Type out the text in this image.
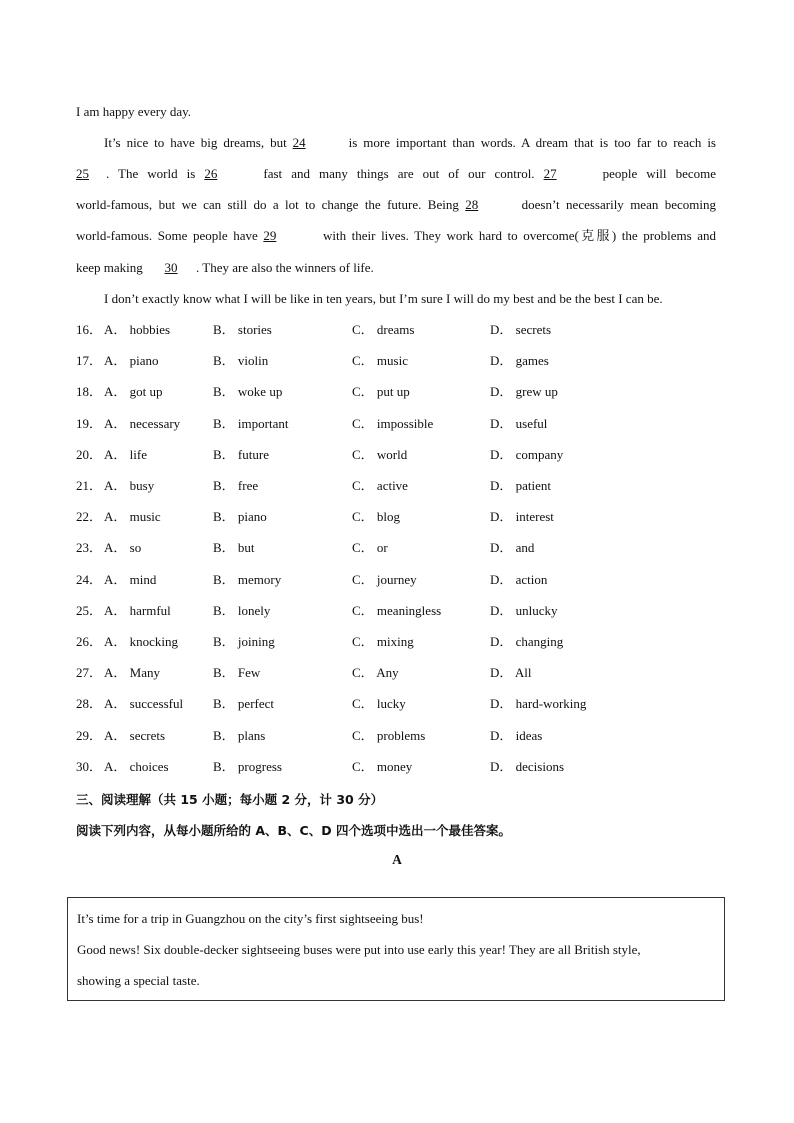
I am happy every day.
It’s nice to have big dreams, but 24	is more important than words. A dream that is too far to reach is
25 . The world is 26	fast and many things are out of our control. 27	people will become
world-famous, but we can still do a lot to change the future. Being 28	doesn’t necessarily mean becoming
world-famous. Some people have 29	with their lives. They work hard to overcome(克服) the problems and
keep making 30 . They are also the winners of life.
I don’t exactly know what I will be like in ten years, but I’m sure I will do my best and be the best I can be.
16． A． hobbies	B． stories	C． dreams	D． secrets
17． A． piano	B． violin	C． music	D． games
18． A． got up	B． woke up	C． put up	D． grew up
19． A． necessary	B． important	C． impossible	D． useful
20． A． life	B． future	C． world	D． company
21． A． busy	B． free	C． active	D． patient
22． A． music	B． piano	C． blog	D． interest
23． A． so	B． but	C． or	D． and
24． A． mind	B． memory	C． journey	D． action
25． A． harmful	B． lonely	C． meaningless	D． unlucky
26． A． knocking	B． joining	C． mixing	D． changing
27． A． Many	B． Few	C． Any	D． All
28． A． successful B． perfect	C． lucky	D． hard-working
29． A． secrets	B． plans	C． problems	D． ideas
30． A． choices	B． progress	C． money	D． decisions
三、阅读理解（共 15 小题；每小题 2 分，计 30 分）
阅读下列内容，从每小题所给的 A、B、C、D 四个选项中选出一个最佳答案。
A
It’s time for a trip in Guangzhou on the city’s first sightseeing bus!
Good news! Six double-decker sightseeing buses were put into use early this year! They are all British style,
showing a special taste.
